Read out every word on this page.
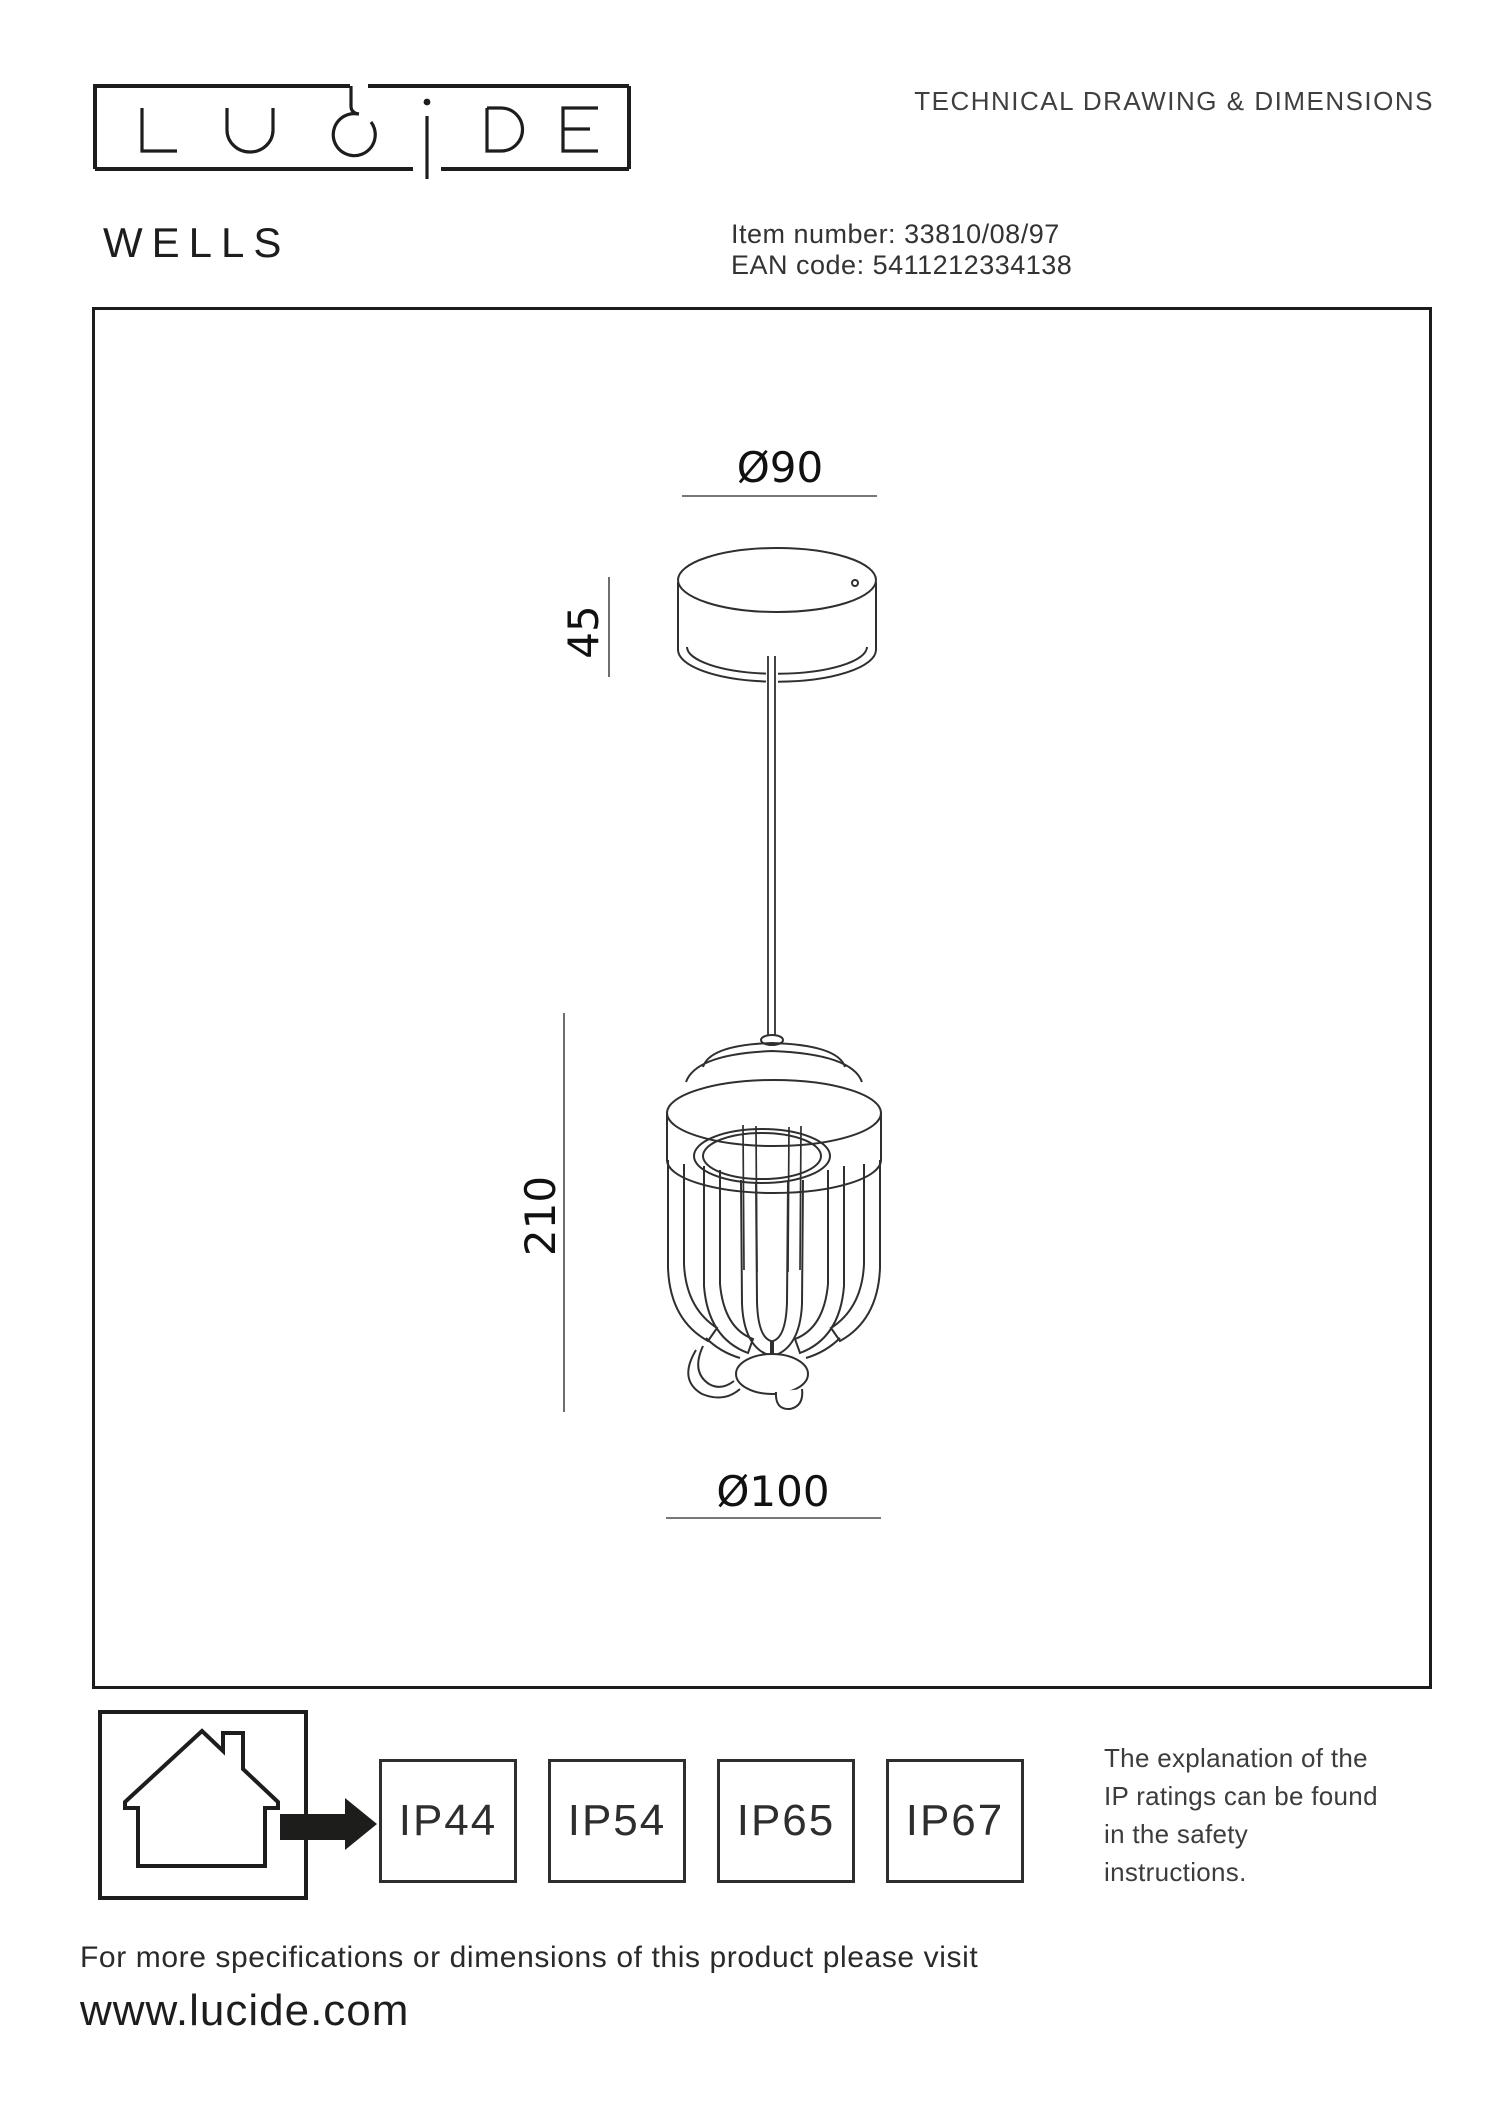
TECHNICAL DRAWING & DIMENSIONS
WELLS	Item number: 33810/08/97
EAN code: 5411212334138
Ø90
45
210
Ø100
IP44 IP54 IP65 IP67
The explanation of the
IP ratings can be found
in the safety
instructions.
For more specifications or dimensions of this product please visit
www.lucide.com
